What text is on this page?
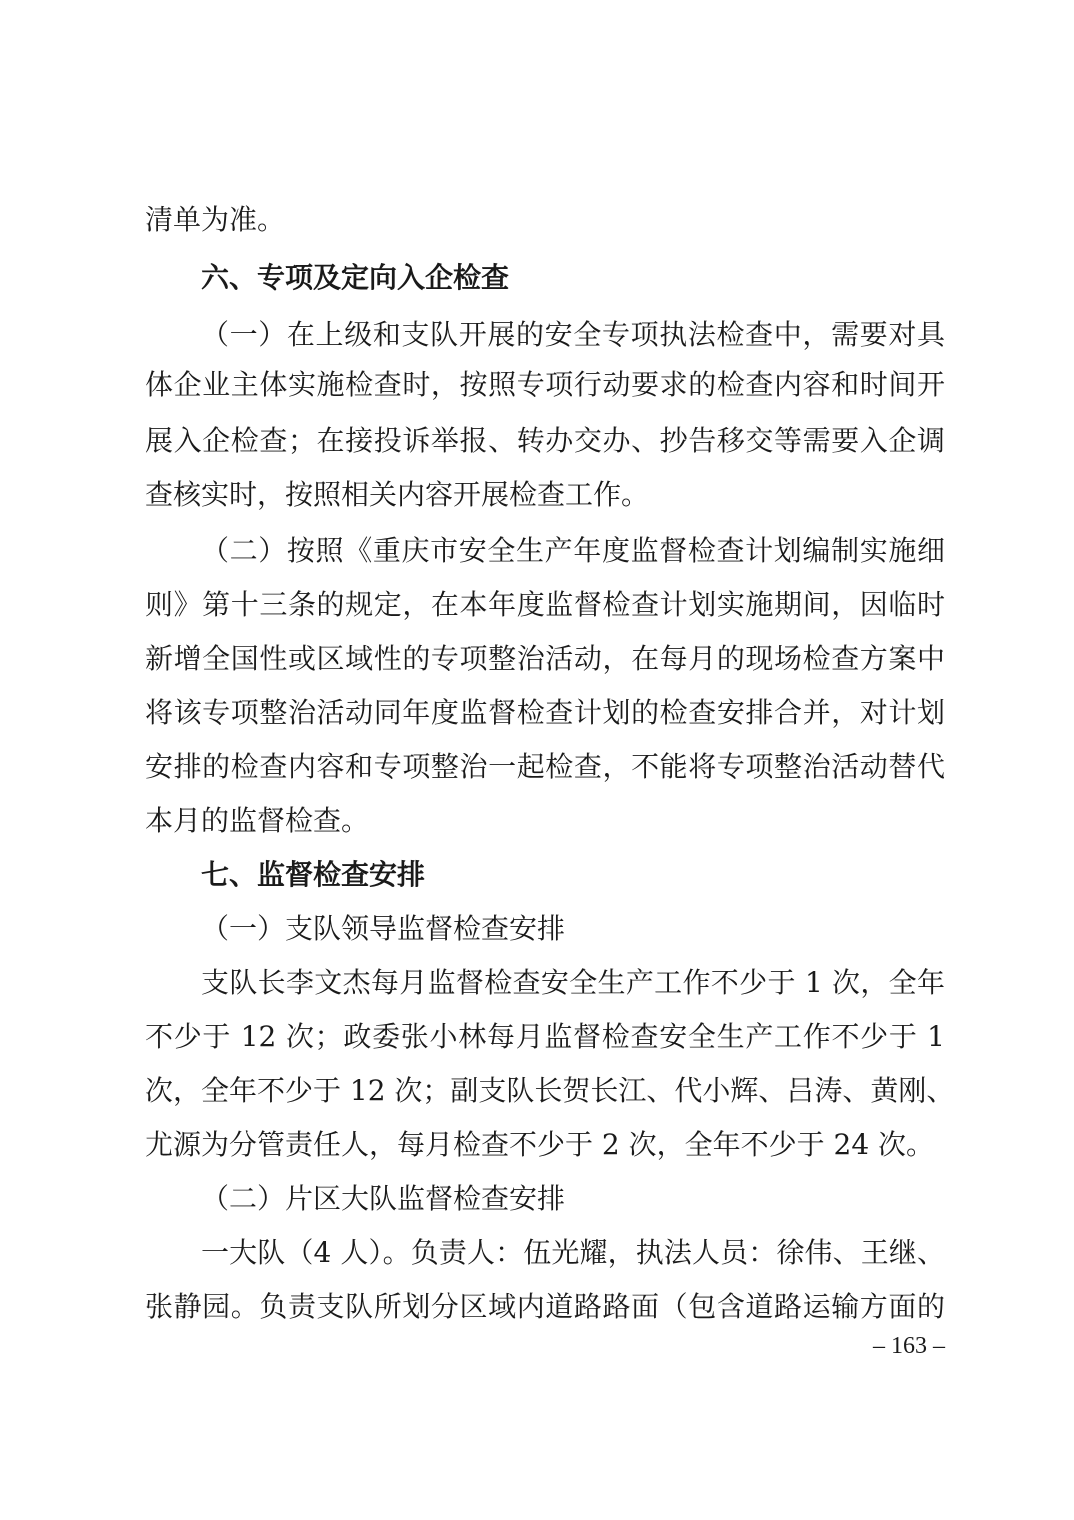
清单为准。
六、专项及定向入企检查
（一）在上级和支队开展的安全专项执法检查中，需要对具
体企业主体实施检查时，按照专项行动要求的检查内容和时间开
展入企检查；在接投诉举报、转办交办、抄告移交等需要入企调
查核实时，按照相关内容开展检查工作。
（二）按照《重庆市安全生产年度监督检查计划编制实施细
则》第十三条的规定，在本年度监督检查计划实施期间，因临时
新增全国性或区域性的专项整治活动，在每月的现场检查方案中
将该专项整治活动同年度监督检查计划的检查安排合并，对计划
安排的检查内容和专项整治一起检查，不能将专项整治活动替代
本月的监督检查。
七、监督检查安排
（一）支队领导监督检查安排
支队长李文杰每月监督检查安全生产工作不少于 1 次，全年
不少于 12 次；政委张小林每月监督检查安全生产工作不少于 1
次，全年不少于 12 次；副支队长贺长江、代小辉、吕涛、黄刚、
尤源为分管责任人，每月检查不少于 2 次，全年不少于 24 次。
（二）片区大队监督检查安排
一大队（4 人）。负责人：伍光耀，执法人员：徐伟、王继、
张静园。负责支队所划分区域内道路路面（包含道路运输方面的
– 163 –
